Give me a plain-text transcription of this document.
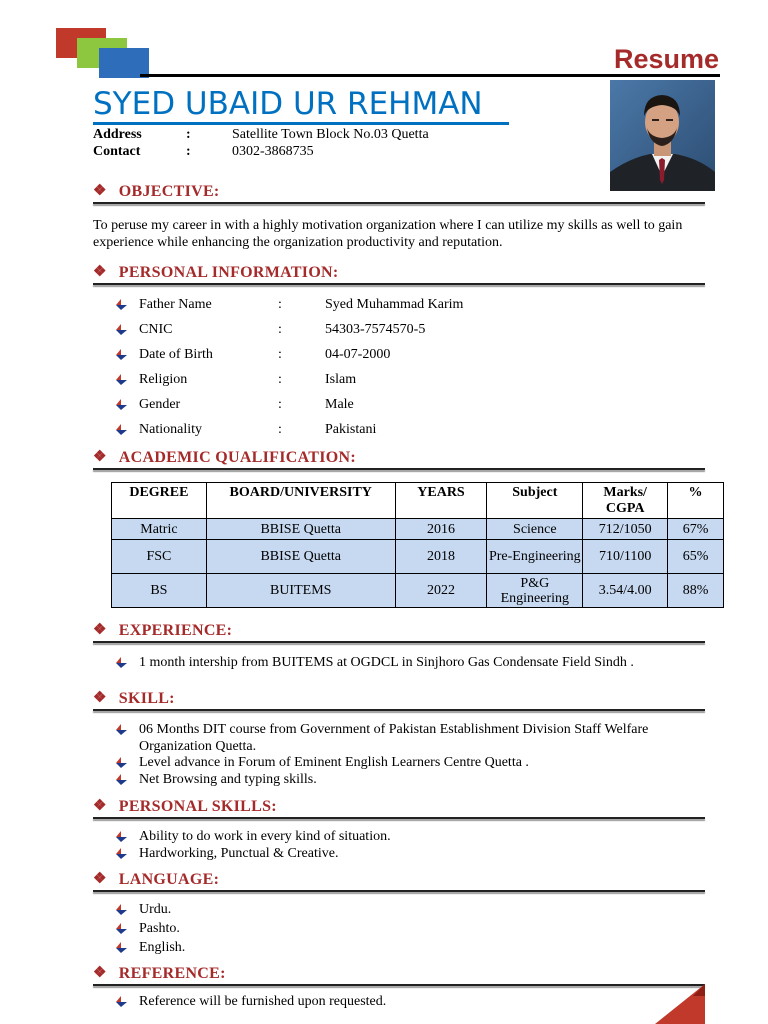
Resume
SYED UBAID UR REHMAN
Address	:	Satellite Town Block No.03 Quetta
Contact	:	0302-3868735
❖ OBJECTIVE:
To peruse my career in with a highly motivation organization where I can utilize my skills as well to gain experience while enhancing the organization productivity and reputation.
❖ PERSONAL INFORMATION:
Father Name	:	Syed Muhammad Karim
CNIC	:	54303-7574570-5
Date of Birth	:	04-07-2000
Religion	:	Islam
Gender	:	Male
Nationality	:	Pakistani
❖ ACADEMIC QUALIFICATION:
DEGREE	BOARD/UNIVERSITY	YEARS	Subject	Marks/ CGPA	%
Matric	BBISE Quetta	2016	Science	712/1050	67%
FSC	BBISE Quetta	2018	Pre-Engineering	710/1100	65%
BS	BUITEMS	2022	P&G Engineering	3.54/4.00	88%
❖ EXPERIENCE:
1 month intership from BUITEMS at OGDCL in Sinjhoro Gas Condensate Field Sindh .
❖ SKILL:
06 Months DIT course from Government of Pakistan Establishment Division Staff Welfare Organization Quetta.
Level advance in Forum of Eminent English Learners Centre Quetta .
Net Browsing and typing skills.
❖ PERSONAL SKILLS:
Ability to do work in every kind of situation.
Hardworking, Punctual & Creative.
❖ LANGUAGE:
Urdu.
Pashto.
English.
❖ REFERENCE:
Reference will be furnished upon requested.
